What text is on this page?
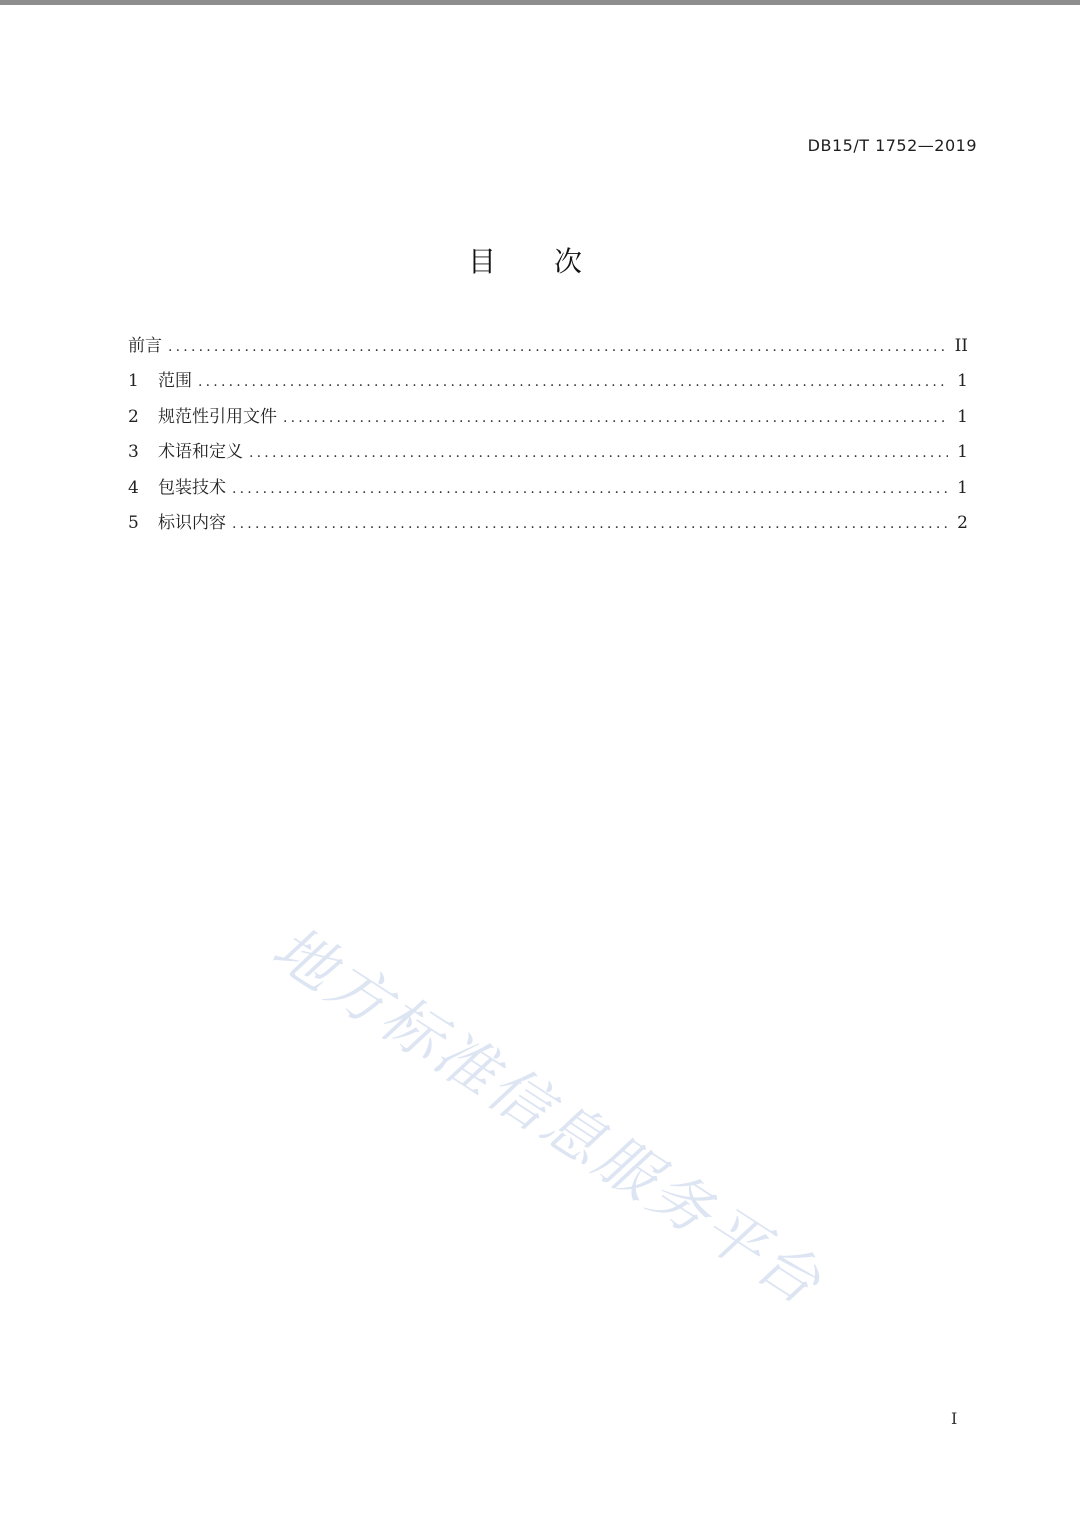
DB15/T 1752—2019
目次
前言 .....	II
1	范围 .....	1
2	规范性引用文件 .....	1
3	术语和定义 .....	1
4	包装技术 .....	1
5	标识内容 .....	2
地方标准信息服务平台
I
